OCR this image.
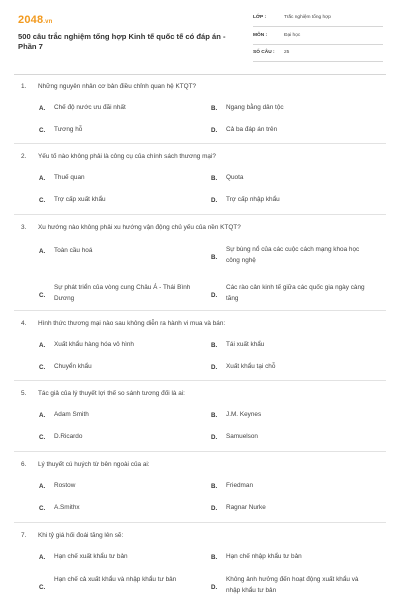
2048.vn
500 câu trắc nghiệm tổng hợp Kinh tế quốc tế có đáp án - Phần 7
LỚP :	Trắc nghiệm tổng hợp
MÔN :	Đại học
SỐ CÂU : 25
1. Những nguyên nhân cơ bản điều chỉnh quan hệ KTQT?
A. Chế độ nước ưu đãi nhất	B. Ngang bằng dân tộc
C. Tương hỗ	D. Cả ba đáp án trên
2. Yếu tố nào không phải là công cụ của chính sách thương mại?
A. Thuế quan	B. Quota
C. Trợ cấp xuất khẩu	D. Trợ cấp nhập khẩu
3. Xu hướng nào không phải xu hướng vận động chủ yếu của nền KTQT?
A. Toàn cầu hoá
B.
Sự bùng nổ của các cuộc cách mạng khoa học công nghệ
C.
Sự phát triển của vòng cung Châu Á - Thái Bình Dương	D.
Các rào cản kinh tế giữa các quốc gia ngày càng tăng
4. Hình thức thương mại nào sau không diễn ra hành vi mua và bán:
A. Xuất khẩu hàng hóa vô hình	B. Tái xuất khẩu
C. Chuyển khẩu	D. Xuất khẩu tại chỗ
5. Tác giả của lý thuyết lợi thế so sánh tương đối là ai:
A. Adam Smith	B. J.M. Keynes
C. D.Ricardo	D. Samuelson
6. Lý thuyết cú huých từ bên ngoài của ai:
A. Rostow	B. Friedman
C. A.Smithx	D. Ragnar Nurke
7. Khi tỷ giá hối đoái tăng lên sẽ:
A. Hạn chế xuất khẩu tư bản	B. Hạn chế nhập khẩu tư bản
C.
Hạn chế cả xuất khẩu và nhập khẩu tư bản
D.
Không ảnh hưởng đến hoạt động xuất khẩu và nhập khẩu tư bản
